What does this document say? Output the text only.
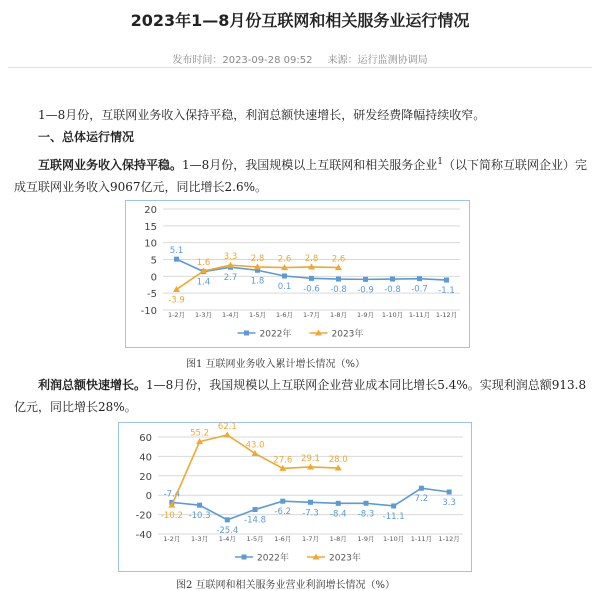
2023年1—8月份互联网和相关服务业运行情况
发布时间：2023-09-28 09:52 来源：运行监测协调局
1—8月份，互联网业务收入保持平稳，利润总额快速增长，研发经费降幅持续收窄。
一、总体运行情况
互联网业务收入保持平稳。1—8月份，我国规模以上互联网和相关服务企业$^1$（以下简称互联网企业）完成互联网业务收入9067亿元，同比增长2.6%。
-10
-5
0
5
10
15
20
1-2月 1-3月 1-4月 1-5月 1-6月 1-7月 1-8月 1-9月 1-10月 1-11月 1-12月
5.1
1.4 2.7 1.8
0.1 -0.6 -0.8 -0.9 -0.8 -0.7 -1.1
-3.9
1.6
3.3 2.8 2.6 2.8 2.6
2022年	2023年
图1 互联网业务收入累计增长情况（%）
利润总额快速增长。1—8月份，我国规模以上互联网企业营业成本同比增长5.4%。实现利润总额913.8亿元，同比增长28%。
-40
-20
0
20
40
60
1-2月 1-3月 1-4月 1-5月 1-6月 1-7月 1-8月 1-9月 1-10月 1-11月 1-12月
-7.4
-10.3
-25.4
-14.8
-6.2 -7.3 -8.4 -8.3 -11.1
7.2 3.3
-10.2
55.2
62.1
43.0
27.6 29.1 28.0
2022年	2023年
图2 互联网和相关服务业营业利润增长情况（%）
